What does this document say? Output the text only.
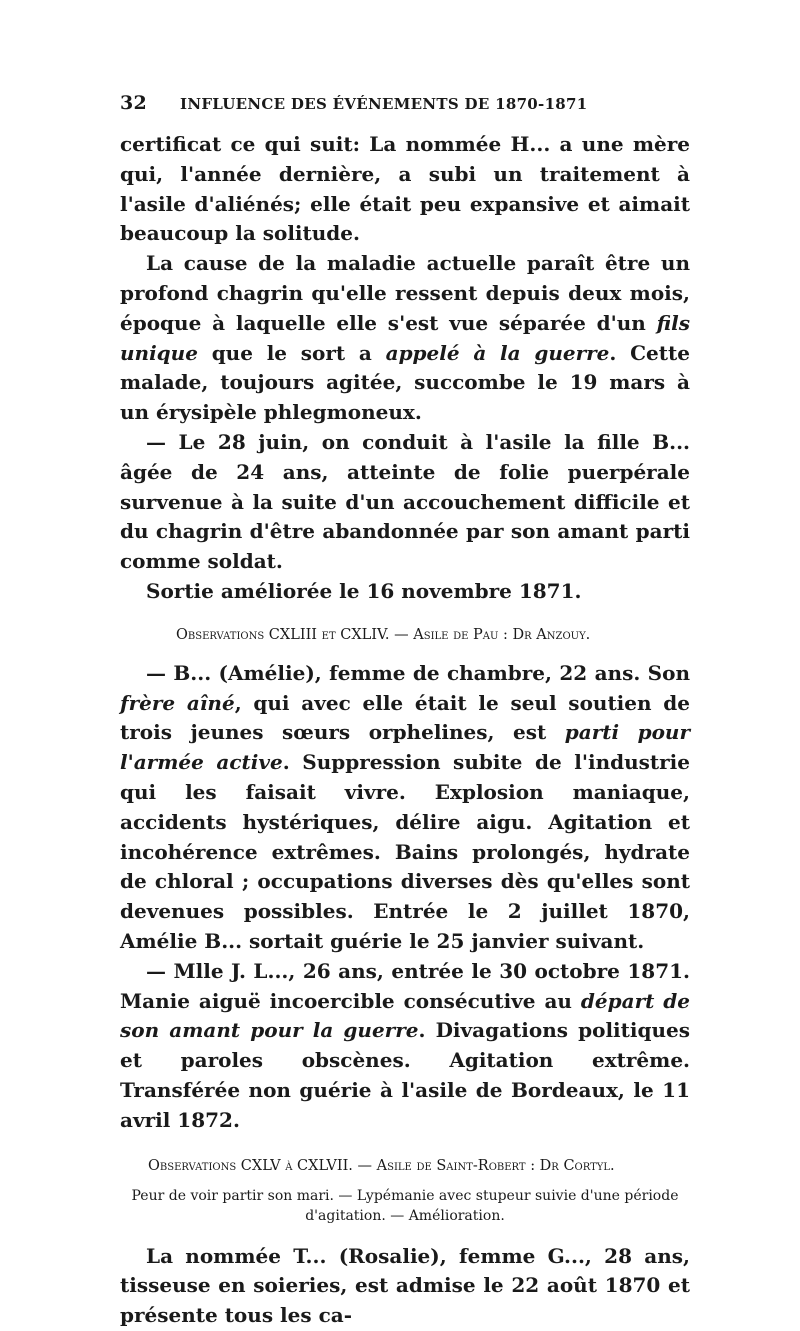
32	INFLUENCE DES ÉVÉNEMENTS DE 1870-1871

certificat ce qui suit: La nommée H... a une mère qui, l'année dernière, a subi un traitement à l'asile d'aliénés; elle était peu expansive et aimait beaucoup la solitude.

La cause de la maladie actuelle paraît être un profond chagrin qu'elle ressent depuis deux mois, époque à laquelle elle s'est vue séparée d'un fils unique que le sort a appelé à la guerre. Cette malade, toujours agitée, succombe le 19 mars à un érysipèle phlegmoneux.

— Le 28 juin, on conduit à l'asile la fille B... âgée de 24 ans, atteinte de folie puerpérale survenue à la suite d'un accouchement difficile et du chagrin d'être abandonnée par son amant parti comme soldat.

Sortie améliorée le 16 novembre 1871.

Observations CXLIII et CXLIV. — Asile de Pau : Dr Anzouy.

— B... (Amélie), femme de chambre, 22 ans. Son frère aîné, qui avec elle était le seul soutien de trois jeunes sœurs orphelines, est parti pour l'armée active. Suppression subite de l'industrie qui les faisait vivre. Explosion maniaque, accidents hystériques, délire aigu. Agitation et incohérence extrêmes. Bains prolongés, hydrate de chloral ; occupations diverses dès qu'elles sont devenues possibles. Entrée le 2 juillet 1870, Amélie B... sortait guérie le 25 janvier suivant.

— Mlle J. L..., 26 ans, entrée le 30 octobre 1871. Manie aiguë incoercible consécutive au départ de son amant pour la guerre. Divagations politiques et paroles obscènes. Agitation extrême. Transférée non guérie à l'asile de Bordeaux, le 11 avril 1872.

Observations CXLV à CXLVII. — Asile de Saint-Robert : Dr Cortyl.
Peur de voir partir son mari. — Lypémanie avec stupeur suivie d'une période d'agitation. — Amélioration.

La nommée T... (Rosalie), femme G..., 28 ans, tisseuse en soieries, est admise le 22 août 1870 et présente tous les ca-
